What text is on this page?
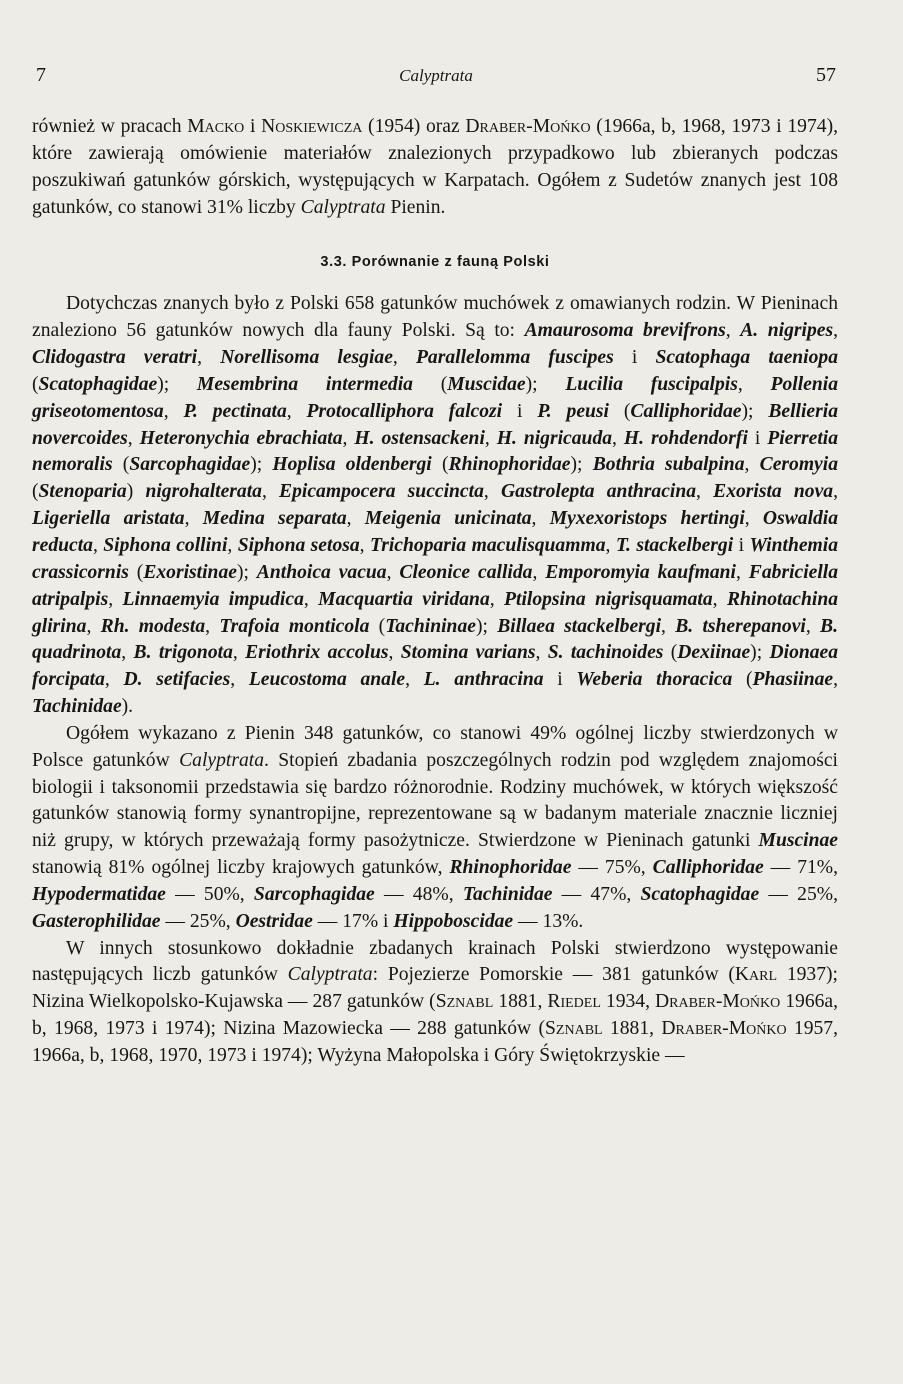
7	Calyptrata	57

również w pracach Macko i Noskiewicza (1954) oraz Draber-Mońko (1966a, b, 1968, 1973 i 1974), które zawierają omówienie materiałów znalezionych przypadkowo lub zbieranych podczas poszukiwań gatunków górskich, występujących w Karpatach. Ogółem z Sudetów znanych jest 108 gatunków, co stanowi 31% liczby Calyptrata Pienin.

3.3. Porównanie z fauną Polski

Dotychczas znanych było z Polski 658 gatunków muchówek z omawianych rodzin. W Pieninach znaleziono 56 gatunków nowych dla fauny Polski. Są to: Amaurosoma brevifrons, A. nigripes, Clidogastra veratri, Norellisoma lesgiae, Parallelomma fuscipes i Scatophaga taeniopa (Scatophagidae); Mesembrina intermedia (Muscidae); Lucilia fuscipalpis, Pollenia griseotomentosa, P. pectinata, Protocalliphora falcozi i P. peusi (Calliphoridae); Bellieria novercoides, Heteronychia ebrachiata, H. ostensackeni, H. nigricauda, H. rohdendorfi i Pierretia nemoralis (Sarcophagidae); Hoplisa oldenbergi (Rhinophoridae); Bothria subalpina, Ceromyia (Stenoparia) nigrohalterata, Epicampocera succincta, Gastrolepta anthracina, Exorista nova, Ligeriella aristata, Medina separata, Meigenia unicinata, Myxexoristops hertingi, Oswaldia reducta, Siphona collini, Siphona setosa, Trichoparia maculisquamma, T. stackelbergi i Winthemia crassicornis (Exoristinae); Anthoica vacua, Cleonice callida, Emporomyia kaufmani, Fabriciella atripalpis, Linnaemyia impudica, Macquartia viridana, Ptilopsina nigrisquamata, Rhinotachina glirina, Rh. modesta, Trafoia monticola (Tachininae); Billaea stackelbergi, B. tsherepanovi, B. quadrinota, B. trigonota, Eriothrix accolus, Stomina varians, S. tachinoides (Dexiinae); Dionaea forcipata, D. setifacies, Leucostoma anale, L. anthracina i Weberia thoracica (Phasiinae, Tachinidae).

Ogółem wykazano z Pienin 348 gatunków, co stanowi 49% ogólnej liczby stwierdzonych w Polsce gatunków Calyptrata. Stopień zbadania poszczególnych rodzin pod względem znajomości biologii i taksonomii przedstawia się bardzo różnorodnie. Rodziny muchówek, w których większość gatunków stanowią formy synantropijne, reprezentowane są w badanym materiale znacznie liczniej niż grupy, w których przeważają formy pasożytnicze. Stwierdzone w Pieninach gatunki Muscinae stanowią 81% ogólnej liczby krajowych gatunków, Rhinophoridae — 75%, Calliphoridae — 71%, Hypodermatidae — 50%, Sarcophagidae — 48%, Tachinidae — 47%, Scatophagidae — 25%, Gasterophilidae — 25%, Oestridae — 17% i Hippoboscidae — 13%.

W innych stosunkowo dokładnie zbadanych krainach Polski stwierdzono występowanie następujących liczb gatunków Calyptrata: Pojezierze Pomorskie — 381 gatunków (Karl 1937); Nizina Wielkopolsko-Kujawska — 287 gatunków (Sznabl 1881, Riedel 1934, Draber-Mońko 1966a, b, 1968, 1973 i 1974); Nizina Mazowiecka — 288 gatunków (Sznabl 1881, Draber-Mońko 1957, 1966a, b, 1968, 1970, 1973 i 1974); Wyżyna Małopolska i Góry Świętokrzyskie —
